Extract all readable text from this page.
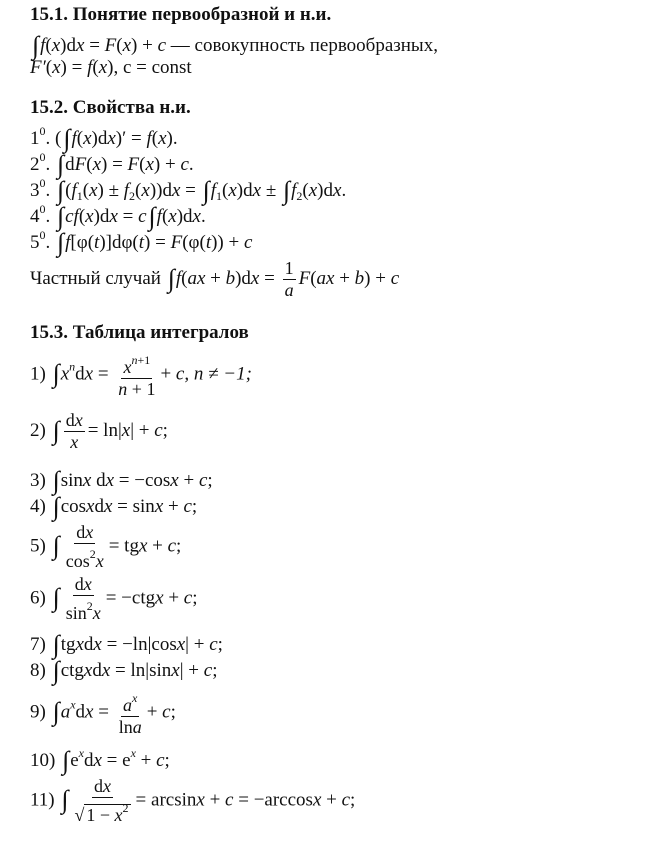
15.1. Понятие первообразной и н.и.
∫f(x)dx = F(x) + c — совокупность первообразных,
F′(x) = f(x), c = const
15.2. Свойства н.и.
$1^0$. (∫f(x)dx)′ = f(x).
$2^0$. ∫dF(x) = F(x) + c.
$3^0$. $\int(f_1(x) \pm f_2(x))dx = \int f_1(x)dx \pm \int f_2(x)dx$.
$4^0$. ∫cf(x)dx = c∫f(x)dx.
$5^0$. ∫f[φ(t)]dφ(t) = F(φ(t)) + c
Частный случай $\int f(ax + b)dx = \frac{1}{a} F(ax + b) + c$
15.3. Таблица интегралов
1) $\int x^ndx = \frac{x^{n+1}}{n + 1} + c$, n ≠ −1;
2) ∫ $\frac{dx}{x} = \ln|x| + c$;
3) ∫sinx dx = −cosx + c;
4) ∫cosxdx = sinx + c;
5) ∫ $\frac{dx}{\cos^2x}$ = tgx + c;
6) ∫ $\frac{dx}{\sin^2x}$ = −ctgx + c;
7) ∫tgxdx = −ln|cosx| + c;
8) ∫ctgxdx = ln|sinx| + c;
9) $\int a^xdx = \frac{a^x}{\ln a} + c$;
10) $\int e^xdx = e^x + c$;
11) ∫ $\frac{dx}{√ 1 - x^2} = \arcsin x + c = -\arccos x + c$;
